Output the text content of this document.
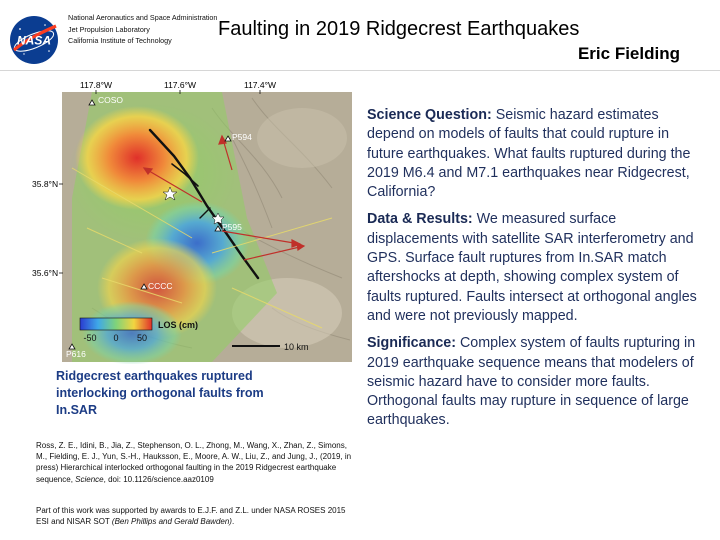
NASA
National Aeronautics and Space Administration
Jet Propulsion Laboratory
California Institute of Technology
Faulting in 2019 Ridgecrest Earthquakes
Eric Fielding
COSO
P594
P595
CCCC
P616
117.8°W	117.6°W	117.4°W
35.8°N
35.6°N
LOS (cm)
-50 0 50
10 km
Ridgecrest earthquakes ruptured interlocking orthogonal faults from In.SAR
Ross, Z. E., Idini, B., Jia, Z., Stephenson, O. L., Zhong, M., Wang, X., Zhan, Z., Simons, M., Fielding, E. J., Yun, S.-H., Hauksson, E., Moore, A. W., Liu, Z., and Jung, J., (2019, in press) Hierarchical interlocked orthogonal faulting in the 2019 Ridgecrest earthquake sequence, Science, doi: 10.1126/science.aaz0109
Part of this work was supported by awards to E.J.F. and Z.L. under NASA ROSES 2015 ESI and NISAR SOT (Ben Phillips and Gerald Bawden).

Science Question: Seismic hazard estimates depend on models of faults that could rupture in future earthquakes. What faults ruptured during the 2019 M6.4 and M7.1 earthquakes near Ridgecrest, California?

Data & Results: We measured surface displacements with satellite SAR interferometry and GPS. Surface fault ruptures from In.SAR match aftershocks at depth, showing complex system of faults ruptured. Faults intersect at orthogonal angles and were not previously mapped.

Significance: Complex system of faults rupturing in 2019 earthquake sequence means that modelers of seismic hazard have to consider more faults. Orthogonal faults may rupture in sequence of large earthquakes.
